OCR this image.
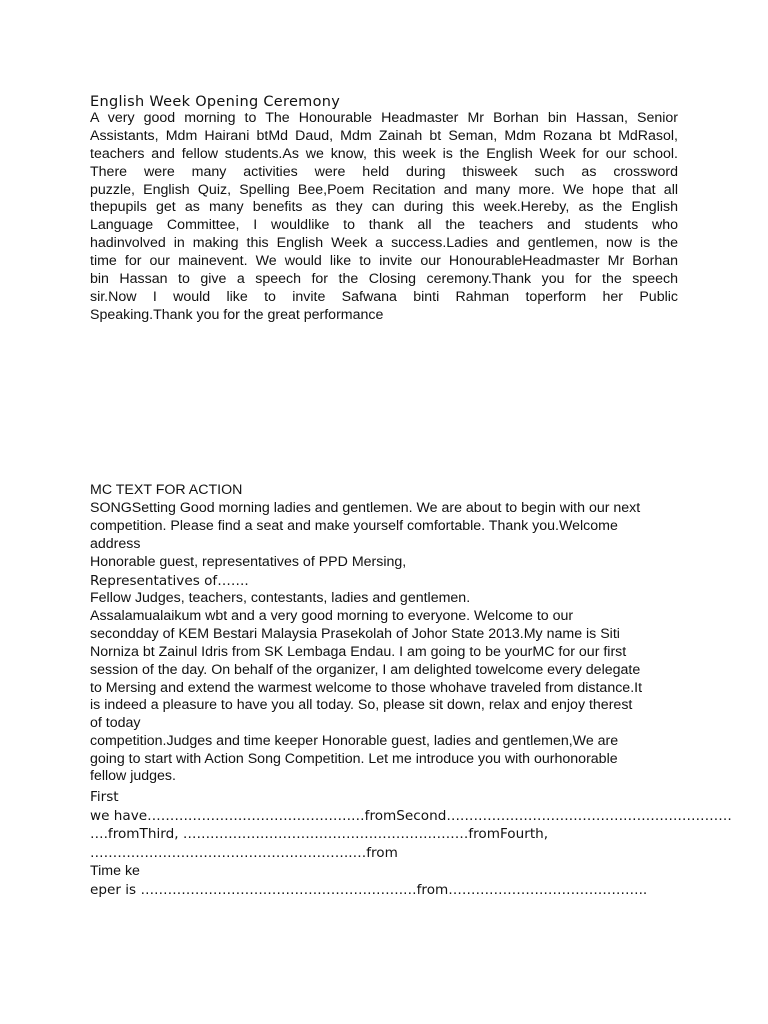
English Week Opening Ceremony
A very good morning to The Honourable Headmaster Mr Borhan bin Hassan, Senior
Assistants, Mdm Hairani btMd Daud, Mdm Zainah bt Seman, Mdm Rozana bt MdRasol,
teachers and fellow students.As we know, this week is the English Week for our school.
There were many activities were held during thisweek such as crossword
puzzle, English Quiz, Spelling Bee,Poem Recitation and many more. We hope that all
thepupils get as many benefits as they can during this week.Hereby, as the English
Language Committee, I wouldlike to thank all the teachers and students who
hadinvolved in making this English Week a success.Ladies and gentlemen, now is the
time for our mainevent. We would like to invite our HonourableHeadmaster Mr Borhan
bin Hassan to give a speech for the Closing ceremony.Thank you for the speech
sir.Now I would like to invite Safwana binti Rahman toperform her Public
Speaking.Thank you for the great performance
MC TEXT FOR ACTION
SONGSetting Good morning ladies and gentlemen. We are about to begin with our next
competition. Please find a seat and make yourself comfortable. Thank you.Welcome
address
Honorable guest, representatives of PPD Mersing,
Representatives of…….
Fellow Judges, teachers, contestants, ladies and gentlemen.
Assalamualaikum wbt and a very good morning to everyone. Welcome to our
secondday of KEM Bestari Malaysia Prasekolah of Johor State 2013.My name is Siti
Norniza bt Zainul Idris from SK Lembaga Endau. I am going to be yourMC for our first
session of the day. On behalf of the organizer, I am delighted towelcome every delegate
to Mersing and extend the warmest welcome to those whohave traveled from distance.It
is indeed a pleasure to have you all today. So, please sit down, relax and enjoy therest
of today
competition.Judges and time keeper Honorable guest, ladies and gentlemen,We are
going to start with Action Song Competition. Let me introduce you with ourhonorable
fellow judges.
First
we have…………………………………………fromSecond………………………………………………………
….fromThird, ………………………………………………………fromFourth,
………………………………………………….…from
Time ke
eper is ………………………………………………….…from……………………………………..
